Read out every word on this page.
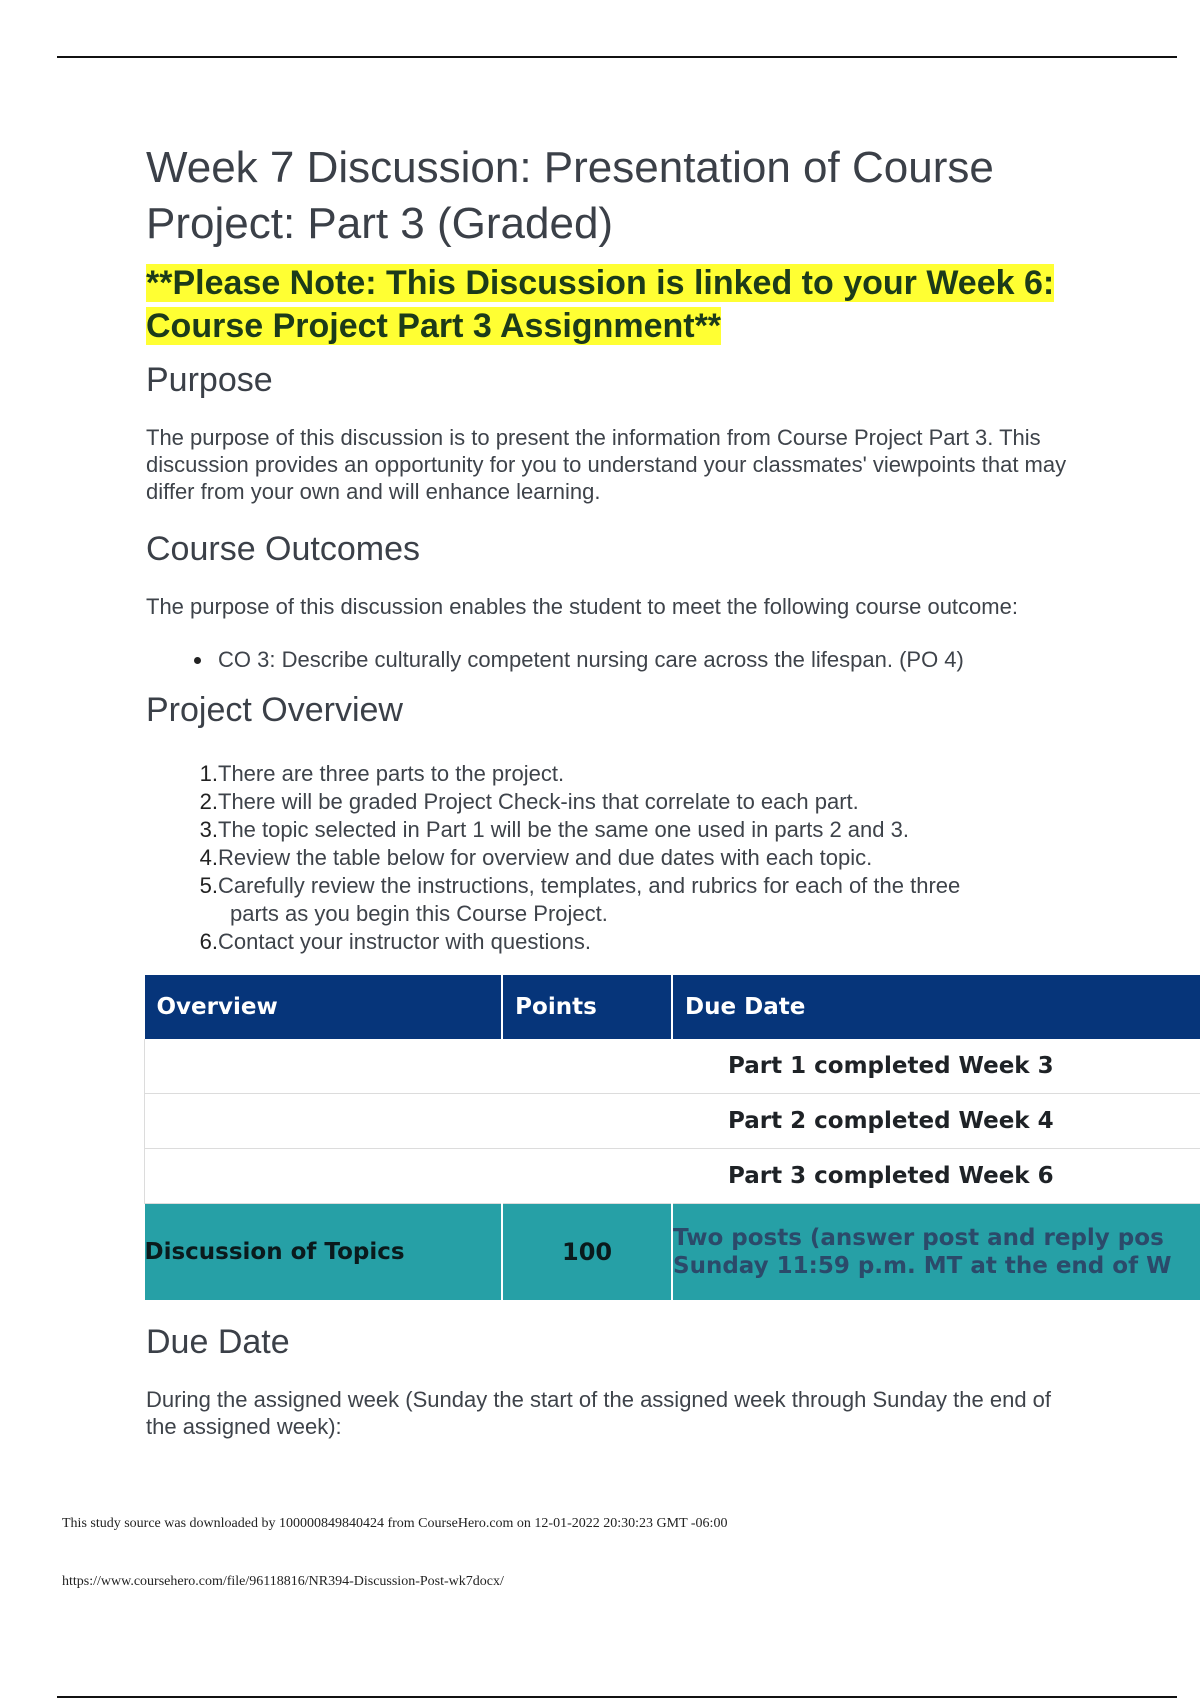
Week 7 Discussion: Presentation of Course Project: Part 3 (Graded)
**Please Note: This Discussion is linked to your Week 6: Course Project Part 3 Assignment**
Purpose

The purpose of this discussion is to present the information from Course Project Part 3. This discussion provides an opportunity for you to understand your classmates' viewpoints that may differ from your own and will enhance learning.

Course Outcomes

The purpose of this discussion enables the student to meet the following course outcome:

CO 3: Describe culturally competent nursing care across the lifespan. (PO 4)
Project Overview
1. There are three parts to the project.
2. There will be graded Project Check-ins that correlate to each part.
3. The topic selected in Part 1 will be the same one used in parts 2 and 3.
4. Review the table below for overview and due dates with each topic.
5. Carefully review the instructions, templates, and rubrics for each of the three
parts as you begin this Course Project.
6. Contact your instructor with questions.
Overview	Points	Due Date
		Part 1 completed Week 3
		Part 2 completed Week 4
		Part 3 completed Week 6
Discussion of Topics	100	Two posts (answer post and reply pos
Sunday 11:59 p.m. MT at the end of W
Due Date

During the assigned week (Sunday the start of the assigned week through Sunday the end of the assigned week):

This study source was downloaded by 100000849840424 from CourseHero.com on 12-01-2022 20:30:23 GMT -06:00
https://www.coursehero.com/file/96118816/NR394-Discussion-Post-wk7docx/
